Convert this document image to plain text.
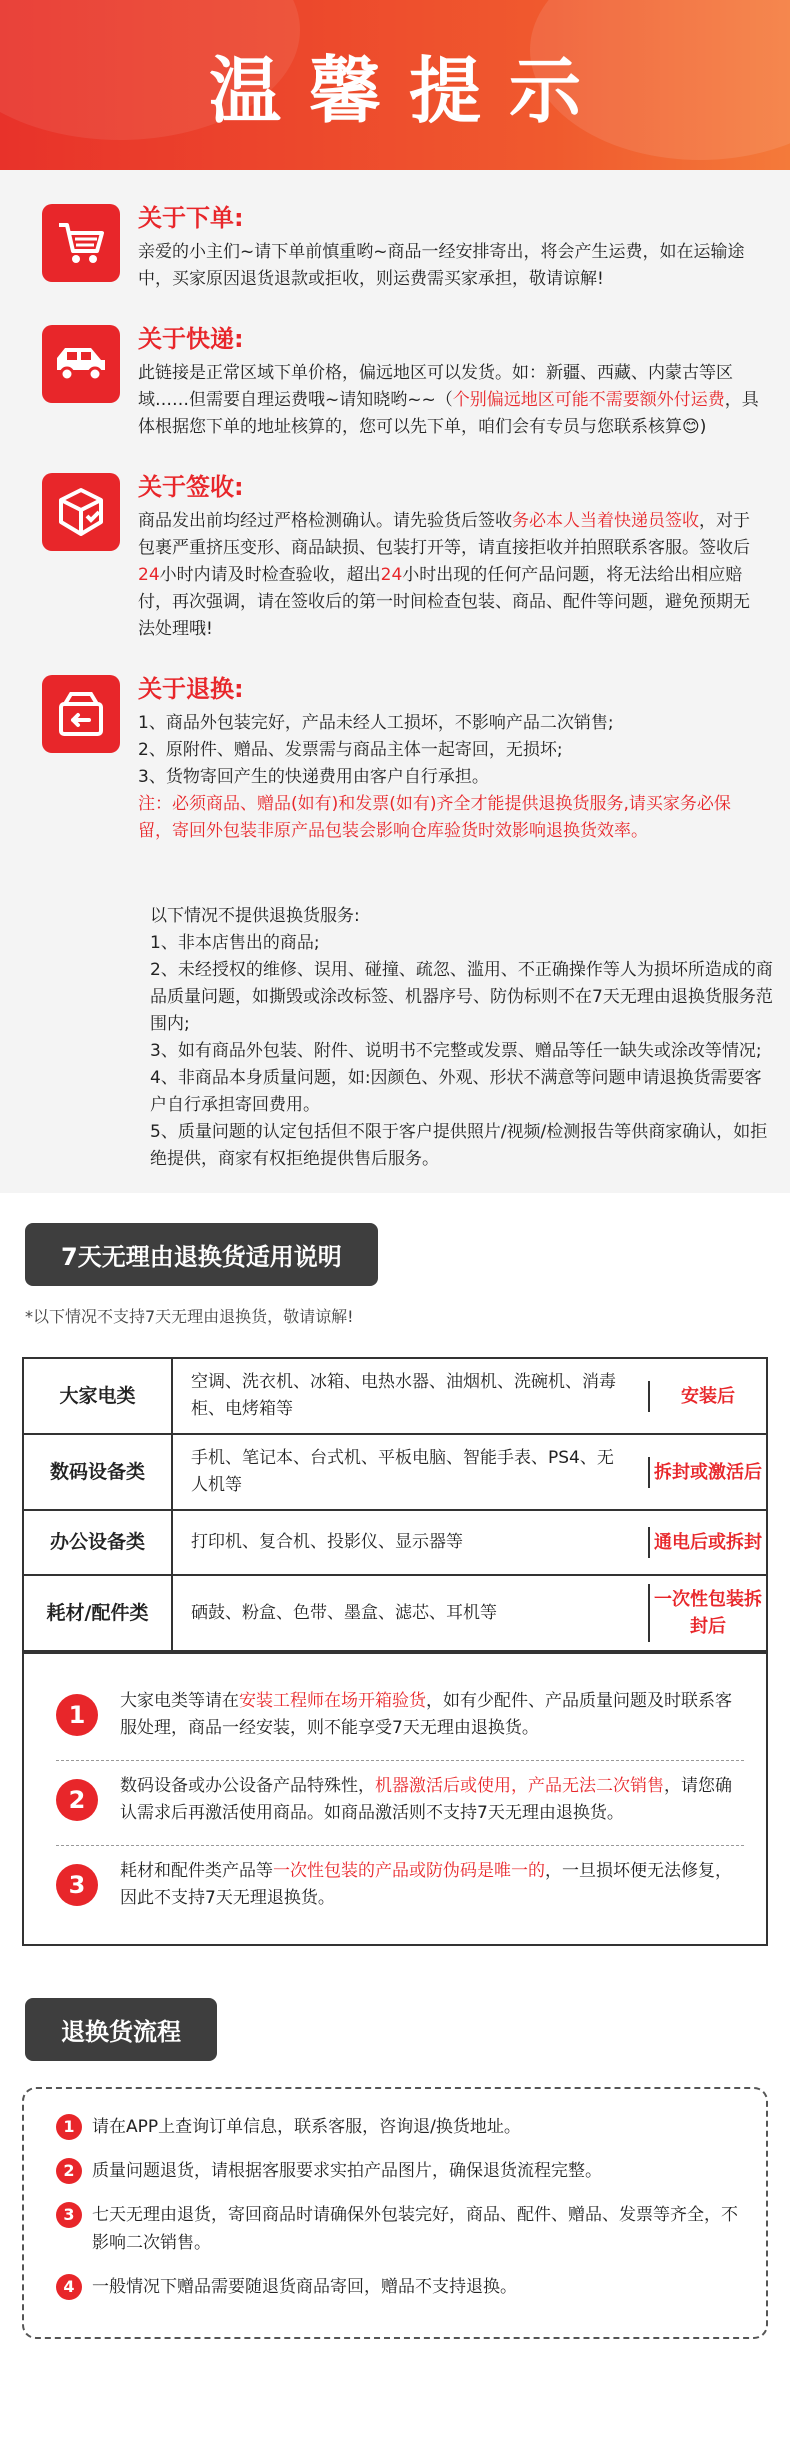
温馨提示
关于下单:

亲爱的小主们~请下单前慎重哟~商品一经安排寄出，将会产生运费，如在运输途中，买家原因退货退款或拒收，则运费需买家承担，敬请谅解!

关于快递:

此链接是正常区域下单价格，偏远地区可以发货。如：新疆、西藏、内蒙古等区域……但需要自理运费哦~请知晓哟~~（个别偏远地区可能不需要额外付运费，具体根据您下单的地址核算的，您可以先下单，咱们会有专员与您联系核算😊)

关于签收:

商品发出前均经过严格检测确认。请先验货后签收务必本人当着快递员签收，对于包裹严重挤压变形、商品缺损、包装打开等，请直接拒收并拍照联系客服。签收后24小时内请及时检查验收，超出24小时出现的任何产品问题，将无法给出相应赔付，再次强调，请在签收后的第一时间检查包装、商品、配件等问题，避免预期无法处理哦!

关于退换:

1、商品外包装完好，产品未经人工损坏，不影响产品二次销售;

2、原附件、赠品、发票需与商品主体一起寄回，无损坏;

3、货物寄回产生的快递费用由客户自行承担。

注：必须商品、赠品(如有)和发票(如有)齐全才能提供退换货服务,请买家务必保留，寄回外包装非原产品包装会影响仓库验货时效影响退换货效率。

以下情况不提供退换货服务:

1、非本店售出的商品;

2、未经授权的维修、误用、碰撞、疏忽、滥用、不正确操作等人为损坏所造成的商品质量问题，如撕毁或涂改标签、机器序号、防伪标则不在7天无理由退换货服务范围内;

3、如有商品外包装、附件、说明书不完整或发票、赠品等任一缺失或涂改等情况;

4、非商品本身质量问题，如:因颜色、外观、形状不满意等问题申请退换货需要客户自行承担寄回费用。

5、质量问题的认定包括但不限于客户提供照片/视频/检测报告等供商家确认，如拒绝提供，商家有权拒绝提供售后服务。

7天无理由退换货适用说明
*以下情况不支持7天无理由退换货，敬请谅解!
大家电类	空调、洗衣机、冰箱、电热水器、油烟机、洗碗机、消毒柜、电烤箱等	安装后

数码设备类	手机、笔记本、台式机、平板电脑、智能手表、PS4、无人机等	拆封或激活后

办公设备类	打印机、复合机、投影仪、显示器等	通电后或拆封

耗材/配件类	硒鼓、粉盒、色带、墨盒、滤芯、耳机等	一次性包装拆封后
1	大家电类等请在安装工程师在场开箱验货，如有少配件、产品质量问题及时联系客服处理，商品一经安装，则不能享受7天无理由退换货。
2	数码设备或办公设备产品特殊性，机器激活后或使用，产品无法二次销售，请您确认需求后再激活使用商品。如商品激活则不支持7天无理由退换货。
3	耗材和配件类产品等一次性包装的产品或防伪码是唯一的，一旦损坏便无法修复，因此不支持7天无理退换货。
退换货流程
1	请在APP上查询订单信息，联系客服，咨询退/换货地址。
2	质量问题退货，请根据客服要求实拍产品图片，确保退货流程完整。
3	七天无理由退货，寄回商品时请确保外包装完好，商品、配件、赠品、发票等齐全，不影响二次销售。
4	一般情况下赠品需要随退货商品寄回，赠品不支持退换。
